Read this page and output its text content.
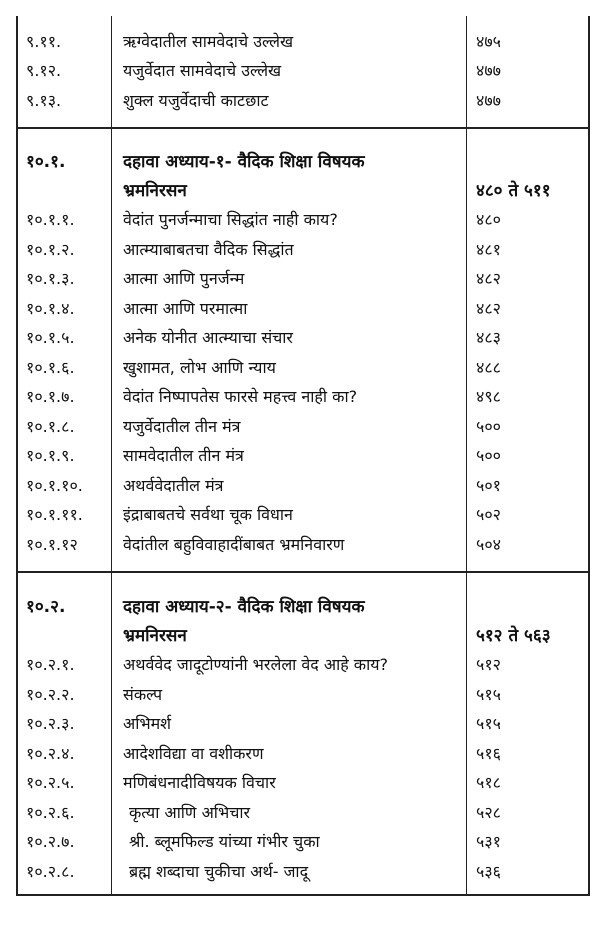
९.११.	ऋग्वेदातील सामवेदाचे उल्लेख	४७५
९.१२.	यजुर्वेदात सामवेदाचे उल्लेख	४७७
९.१३.	शुक्ल यजुर्वेदाची काटछाट	४७७
१०.१.	दहावा अध्याय-१- वैदिक शिक्षा विषयक
भ्रमनिरसन	४८० ते ५११
१०.१.१.	वेदांत पुनर्जन्माचा सिद्धांत नाही काय?	४८०
१०.१.२.	आत्म्याबाबतचा वैदिक सिद्धांत	४८१
१०.१.३.	आत्मा आणि पुनर्जन्म	४८२
१०.१.४.	आत्मा आणि परमात्मा	४८२
१०.१.५.	अनेक योनीत आत्म्याचा संचार	४८३
१०.१.६.	खुशामत, लोभ आणि न्याय	४८८
१०.१.७.	वेदांत निष्पापतेस फारसे महत्त्व नाही का?	४९८
१०.१.८.	यजुर्वेदातील तीन मंत्र	५००
१०.१.९.	सामवेदातील तीन मंत्र	५००
१०.१.१०.	अथर्ववेदातील मंत्र	५०१
१०.१.११.	इंद्राबाबतचे सर्वथा चूक विधान	५०२
१०.१.१२	वेदांतील बहुविवाहादींबाबत भ्रमनिवारण	५०४
१०.२.	दहावा अध्याय-२- वैदिक शिक्षा विषयक
भ्रमनिरसन	५१२ ते ५६३
१०.२.१.	अथर्ववेद जादूटोण्यांनी भरलेला वेद आहे काय?	५१२
१०.२.२.	संकल्प	५१५
१०.२.३.	अभिमर्श	५१५
१०.२.४.	आदेशविद्या वा वशीकरण	५१६
१०.२.५.	मणिबंधनादीविषयक विचार	५१८
१०.२.६.	कृत्या आणि अभिचार	५२८
१०.२.७.	श्री. ब्लूमफिल्ड यांच्या गंभीर चुका	५३१
१०.२.८.	ब्रह्म शब्दाचा चुकीचा अर्थ- जादू	५३६
